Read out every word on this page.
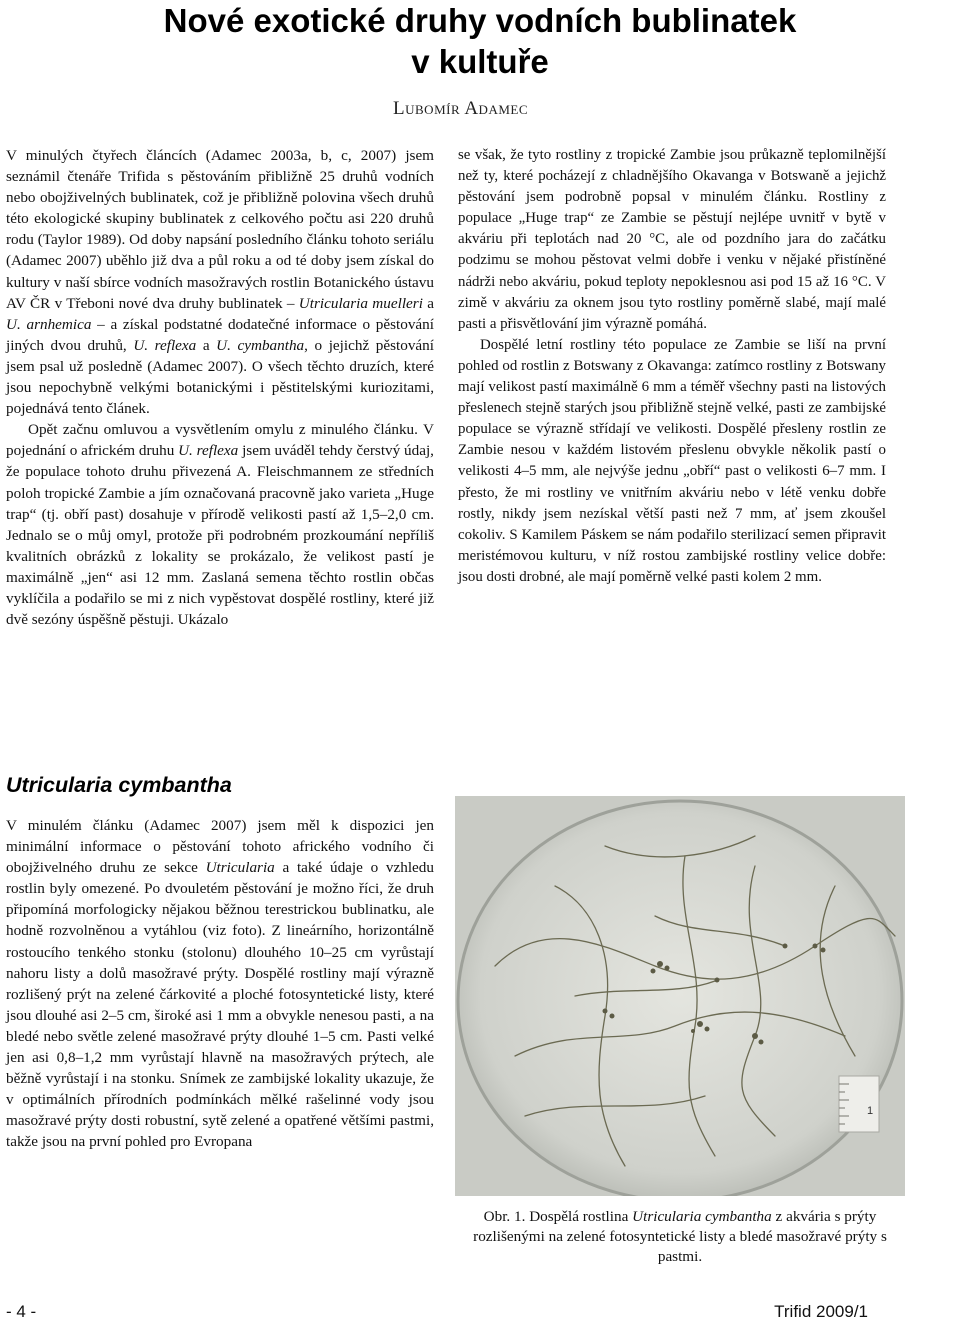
Nové exotické druhy vodních bublinatek
v kultuře
Lubomír Adamec

V minulých čtyřech článcích (Adamec 2003a, b, c, 2007) jsem seznámil čtenáře Trifida s pěstováním přibližně 25 druhů vodních nebo obojživelných bublinatek, což je přibližně polovina všech druhů této ekologické skupiny bublinatek z celkového počtu asi 220 druhů rodu (Taylor 1989). Od doby napsání posledního článku tohoto seriálu (Adamec 2007) uběhlo již dva a půl roku a od té doby jsem získal do kultury v naší sbírce vodních masožravých rostlin Botanického ústavu AV ČR v Třeboni nové dva druhy bublinatek – Utricularia muelleri a U. arnhemica – a získal podstatné dodatečné informace o pěstování jiných dvou druhů, U. reflexa a U. cymbantha, o jejichž pěstování jsem psal už posledně (Adamec 2007). O všech těchto druzích, které jsou nepochybně velkými botanickými i pěstitelskými kuriozitami, pojednává tento článek.

Opět začnu omluvou a vysvětlením omylu z minulého článku. V pojednání o africkém druhu U. reflexa jsem uváděl tehdy čerstvý údaj, že populace tohoto druhu přivezená A. Fleischmannem ze středních poloh tropické Zambie a jím označovaná pracovně jako varieta „Huge trap“ (tj. obří past) dosahuje v přírodě velikosti pastí až 1,5–2,0 cm. Jednalo se o můj omyl, protože při podrobném prozkoumání nepříliš kvalitních obrázků z lokality se prokázalo, že velikost pastí je maximálně „jen“ asi 12 mm. Zaslaná semena těchto rostlin občas vyklíčila a podařilo se mi z nich vypěstovat dospělé rostliny, které již dvě sezóny úspěšně pěstuji. Ukázalo

Utricularia cymbantha

V minulém článku (Adamec 2007) jsem měl k dispozici jen minimální informace o pěstování tohoto afrického vodního či obojživelného druhu ze sekce Utricularia a také údaje o vzhledu rostlin byly omezené. Po dvouletém pěstování je možno říci, že druh připomíná morfologicky nějakou běžnou terestrickou bublinatku, ale hodně rozvolněnou a vytáhlou (viz foto). Z lineárního, horizontálně rostoucího tenkého stonku (stolonu) dlouhého 10–25 cm vyrůstají nahoru listy a dolů masožravé prýty. Dospělé rostliny mají výrazně rozlišený prýt na zelené čárkovité a ploché fotosyntetické listy, které jsou dlouhé asi 2–5 cm, široké asi 1 mm a obvykle nenesou pasti, a na bledé nebo světle zelené masožravé prýty dlouhé 1–5 cm. Pasti velké jen asi 0,8–1,2 mm vyrůstají hlavně na masožravých prýtech, ale běžně vyrůstají i na stonku. Snímek ze zambijské lokality ukazuje, že v optimálních přírodních podmínkách mělké rašelinné vody jsou masožravé prýty dosti robustní, sytě zelené a opatřené většími pastmi, takže jsou na první pohled pro Evropana

se však, že tyto rostliny z tropické Zambie jsou průkazně teplomilnější než ty, které pocházejí z chladnějšího Okavanga v Botswaně a jejichž pěstování jsem podrobně popsal v minulém článku. Rostliny z populace „Huge trap“ ze Zambie se pěstují nejlépe uvnitř v bytě v akváriu při teplotách nad 20 °C, ale od pozdního jara do začátku podzimu se mohou pěstovat velmi dobře i venku v nějaké přistíněné nádrži nebo akváriu, pokud teploty nepoklesnou asi pod 15 až 16 °C. V zimě v akváriu za oknem jsou tyto rostliny poměrně slabé, mají malé pasti a přisvětlování jim výrazně pomáhá.

Dospělé letní rostliny této populace ze Zambie se liší na první pohled od rostlin z Botswany z Okavanga: zatímco rostliny z Botswany mají velikost pastí maximálně 6 mm a téměř všechny pasti na listových přeslenech stejně starých jsou přibližně stejně velké, pasti ze zambijské populace se výrazně střídají ve velikosti. Dospělé přesleny rostlin ze Zambie nesou v každém listovém přeslenu obvykle několik pastí o velikosti 4–5 mm, ale nejvýše jednu „obří“ past o velikosti 6–7 mm. I přesto, že mi rostliny ve vnitřním akváriu nebo v létě venku dobře rostly, nikdy jsem nezískal větší pasti než 7 mm, ať jsem zkoušel cokoliv. S Kamilem Páskem se nám podařilo sterilizací semen připravit meristémovou kulturu, v níž rostou zambijské rostliny velice dobře: jsou dosti drobné, ale mají poměrně velké pasti kolem 2 mm.

1
Obr. 1. Dospělá rostlina Utricularia cymbantha z akvária s prýty rozlišenými na zelené fotosyntetické listy a bledé masožravé prýty s pastmi.
- 4 -	Trifid 2009/1
